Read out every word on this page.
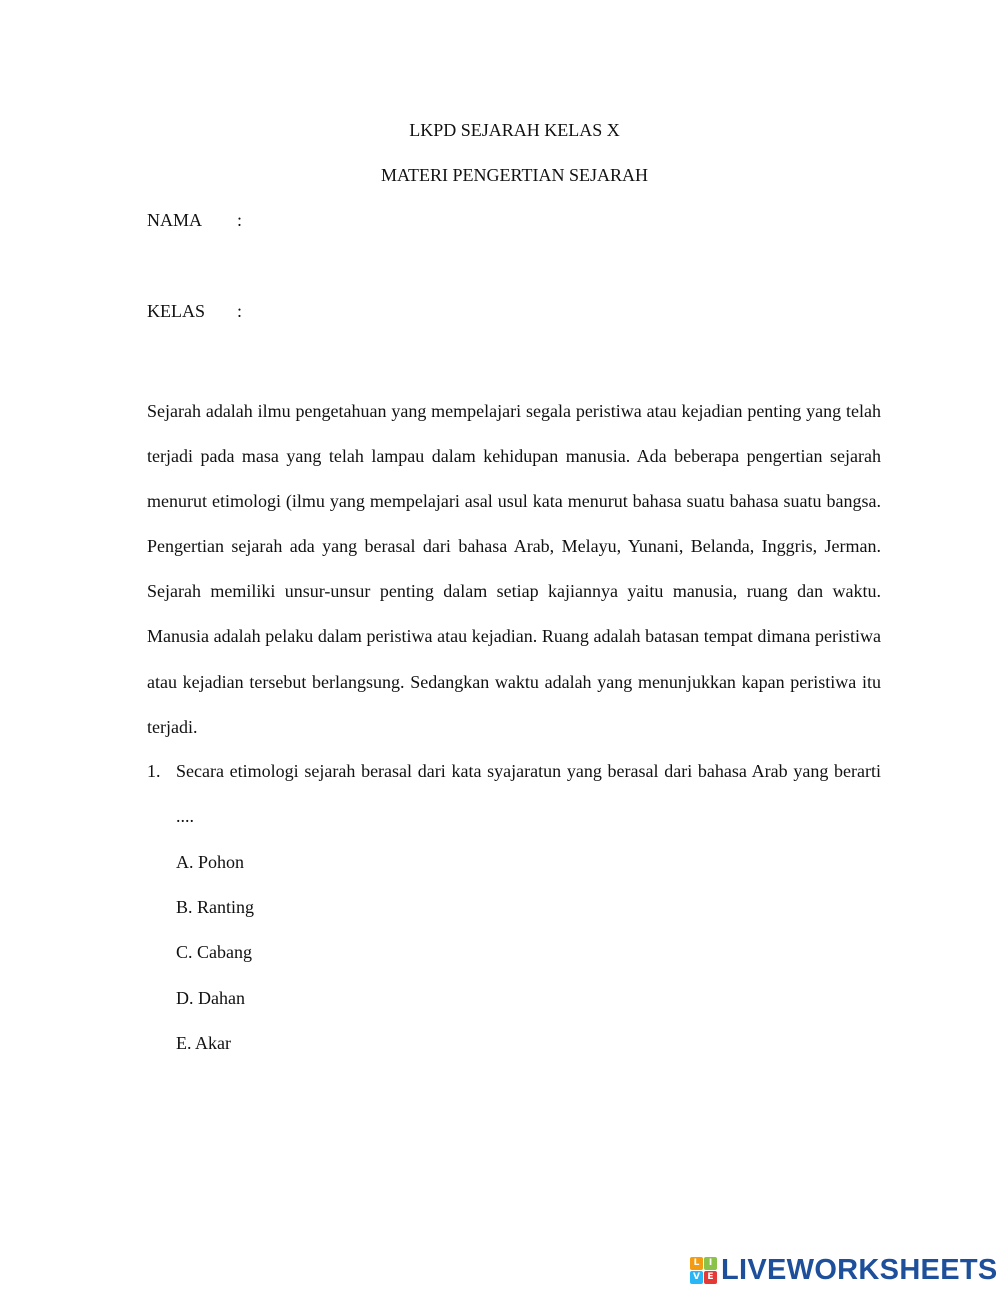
LKPD SEJARAH KELAS X
MATERI PENGERTIAN SEJARAH
NAMA :
KELAS :

Sejarah adalah ilmu pengetahuan yang mempelajari segala peristiwa atau kejadian penting yang telah terjadi pada masa yang telah lampau dalam kehidupan manusia. Ada beberapa pengertian sejarah menurut etimologi (ilmu yang mempelajari asal usul kata menurut bahasa suatu bahasa suatu bangsa. Pengertian sejarah ada yang berasal dari bahasa Arab, Melayu, Yunani, Belanda, Inggris, Jerman. Sejarah memiliki unsur-unsur penting dalam setiap kajiannya yaitu manusia, ruang dan waktu. Manusia adalah pelaku dalam peristiwa atau kejadian. Ruang adalah batasan tempat dimana peristiwa atau kejadian tersebut berlangsung. Sedangkan waktu adalah yang menunjukkan kapan peristiwa itu terjadi.

1. Secara etimologi sejarah berasal dari kata syajaratun yang berasal dari bahasa Arab yang berarti ....
A. Pohon
B. Ranting
C. Cabang
D. Dahan
E. Akar
L	I
V E LIVEWORKSHEETS
